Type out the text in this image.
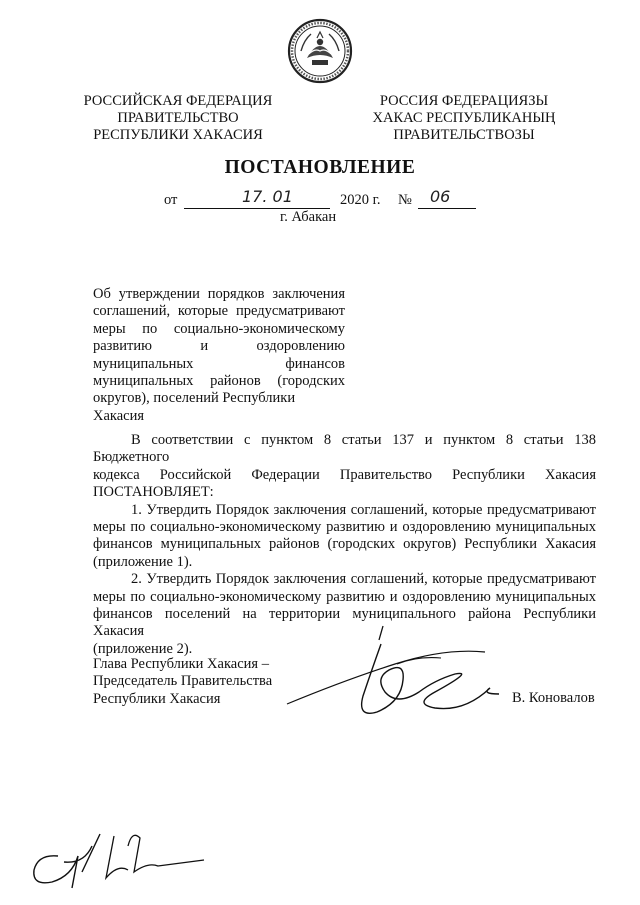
РОССИЙСКАЯ ФЕДЕРАЦИЯ
ПРАВИТЕЛЬСТВО
РЕСПУБЛИКИ ХАКАСИЯ
РОССИЯ ФЕДЕРАЦИЯЗЫ
ХАКАС РЕСПУБЛИКАНЫҢ
ПРАВИТЕЛЬСТВОЗЫ
ПОСТАНОВЛЕНИЕ
от	17. 01	2020 г. № 06
г. Абакан
Об утверждении порядков заключения
соглашений, которые предусматривают
меры по социально-экономическому
развитию и оздоровлению
муниципальных финансов
муниципальных районов (городских
округов), поселений Республики Хакасия

В соответствии с пунктом 8 статьи 137 и пунктом 8 статьи 138 Бюджетного

кодекса Российской Федерации Правительство Республики Хакасия

ПОСТАНОВЛЯЕТ:

1. Утвердить Порядок заключения соглашений, которые предусматривают

меры по социально-экономическому развитию и оздоровлению муниципальных

финансов муниципальных районов (городских округов) Республики Хакасия

(приложение 1).

2. Утвердить Порядок заключения соглашений, которые предусматривают

меры по социально-экономическому развитию и оздоровлению муниципальных

финансов поселений на территории муниципального района Республики Хакасия

(приложение 2).

Глава Республики Хакасия –
Председатель Правительства
Республики Хакасия	В. Коновалов
